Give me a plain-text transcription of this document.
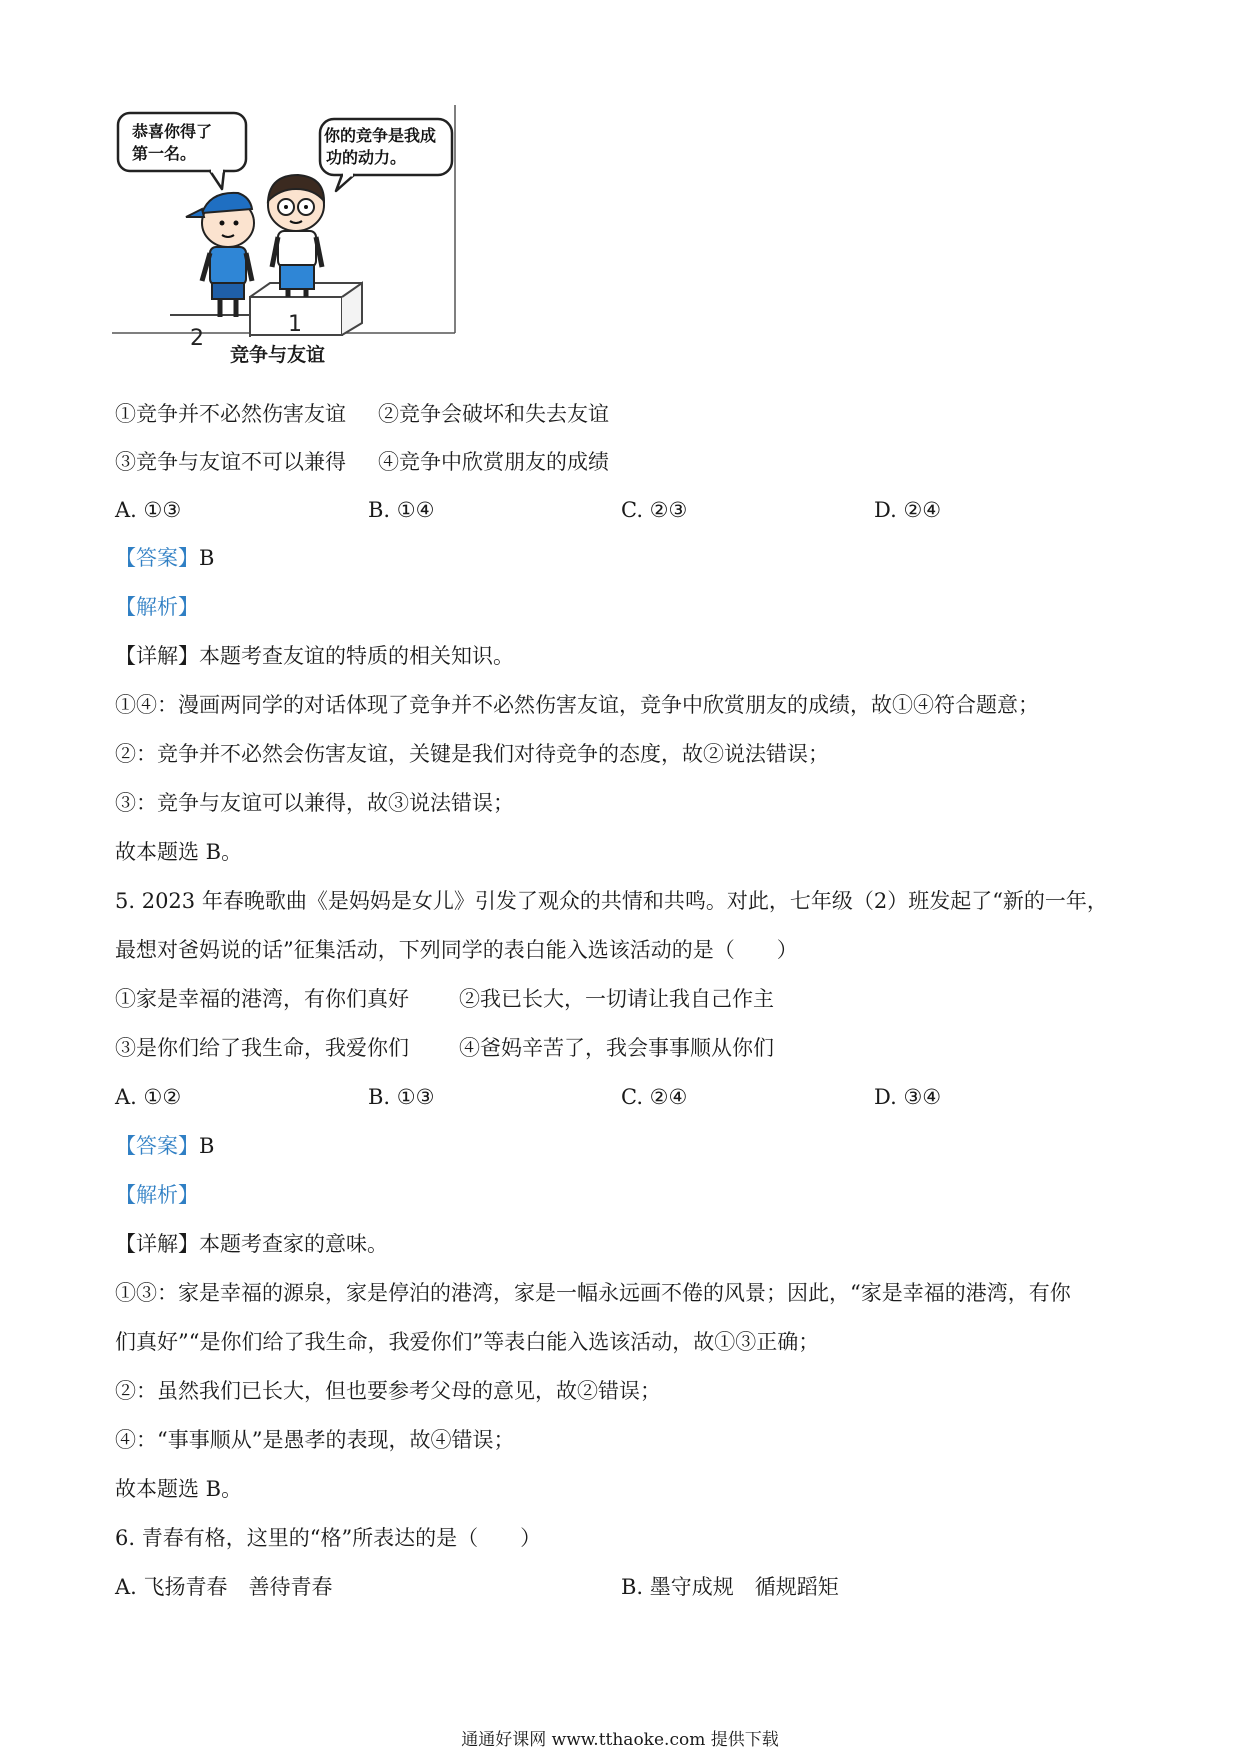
恭喜你得了
第一名。
你的竞争是我成
功的动力。
2
1
竞争与友谊
①竞争并不必然伤害友谊 ②竞争会破坏和失去友谊
③竞争与友谊不可以兼得 ④竞争中欣赏朋友的成绩
A. ①③	B. ①④	C. ②③	D. ②④
【答案】B
【解析】
【详解】本题考查友谊的特质的相关知识。
①④：漫画两同学的对话体现了竞争并不必然伤害友谊，竞争中欣赏朋友的成绩，故①④符合题意；
②：竞争并不必然会伤害友谊，关键是我们对待竞争的态度，故②说法错误；
③：竞争与友谊可以兼得，故③说法错误；
故本题选 B。
5. 2023 年春晚歌曲《是妈妈是女儿》引发了观众的共情和共鸣。对此，七年级（2）班发起了“新的一年，
最想对爸妈说的话”征集活动，下列同学的表白能入选该活动的是（　　）
①家是幸福的港湾，有你们真好 ②我已长大，一切请让我自己作主
③是你们给了我生命，我爱你们 ④爸妈辛苦了，我会事事顺从你们
A. ①②	B. ①③	C. ②④	D. ③④
【答案】B
【解析】
【详解】本题考查家的意味。
①③：家是幸福的源泉，家是停泊的港湾，家是一幅永远画不倦的风景；因此，“家是幸福的港湾，有你
们真好”“是你们给了我生命，我爱你们”等表白能入选该活动，故①③正确；
②：虽然我们已长大，但也要参考父母的意见，故②错误；
④：“事事顺从”是愚孝的表现，故④错误；
故本题选 B。
6. 青春有格，这里的“格”所表达的是（　　）
A. 飞扬青春　善待青春	B. 墨守成规　循规蹈矩
通通好课网 www.tthaoke.com 提供下载
